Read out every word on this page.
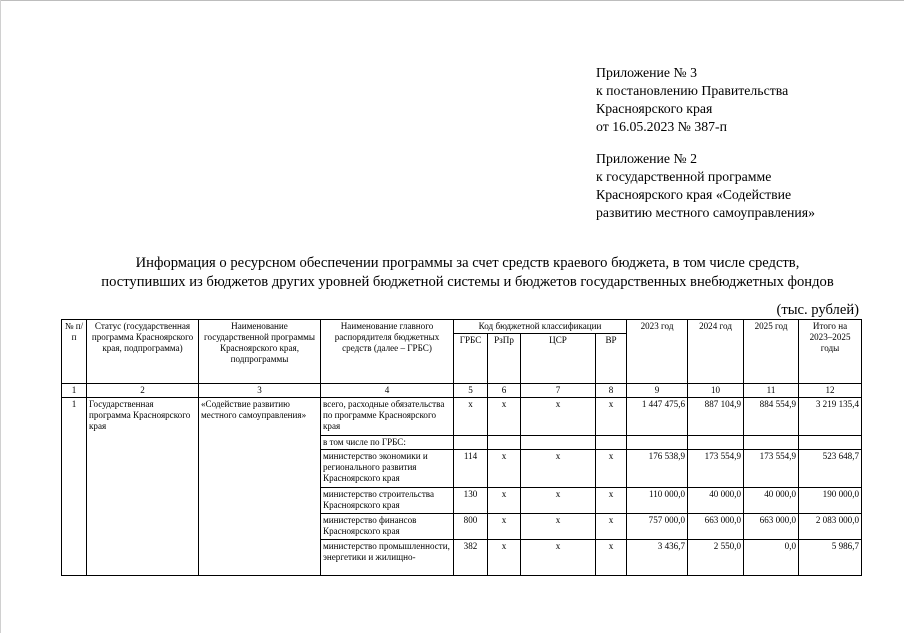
Приложение № 3
к постановлению Правительства
Красноярского края
от 16.05.2023 № 387-п
Приложение № 2
к государственной программе
Красноярского края «Содействие
развитию местного самоуправления»
Информация о ресурсном обеспечении программы за счет средств краевого бюджета, в том числе средств,
поступивших из бюджетов других уровней бюджетной системы и бюджетов государственных внебюджетных фондов
(тыс. рублей)
№ п/п	Статус (государственная программа Красноярского края, подпрограмма)	Наименование государственной программы Красноярского края, подпрограммы	Наименование главного распорядителя бюджетных средств (далее – ГРБС)	Код бюджетной классификации				2023 год	2024 год	2025 год	Итого на 2023–2025 годы
				ГРБС	РзПр	ЦСР	ВР				
1	2	3	4	5	6	7	8	9	10	11	12
1	Государственная программа Красноярского края	«Содействие развитию местного самоуправления»	всего, расходные обязательства по программе Красноярского края	х	х	х	х	1 447 475,6	887 104,9	884 554,9	3 219 135,4
			в том числе по ГРБС:								
			министерство экономики и регионального развития Красноярского края	114	х	х	х	176 538,9	173 554,9	173 554,9	523 648,7
			министерство строительства Красноярского края	130	х	х	х	110 000,0	40 000,0	40 000,0	190 000,0
			министерство финансов Красноярского края	800	х	х	х	757 000,0	663 000,0	663 000,0	2 083 000,0
			министерство промышленности, энергетики и жилищно-	382	х	х	х	3 436,7	2 550,0	0,0	5 986,7
